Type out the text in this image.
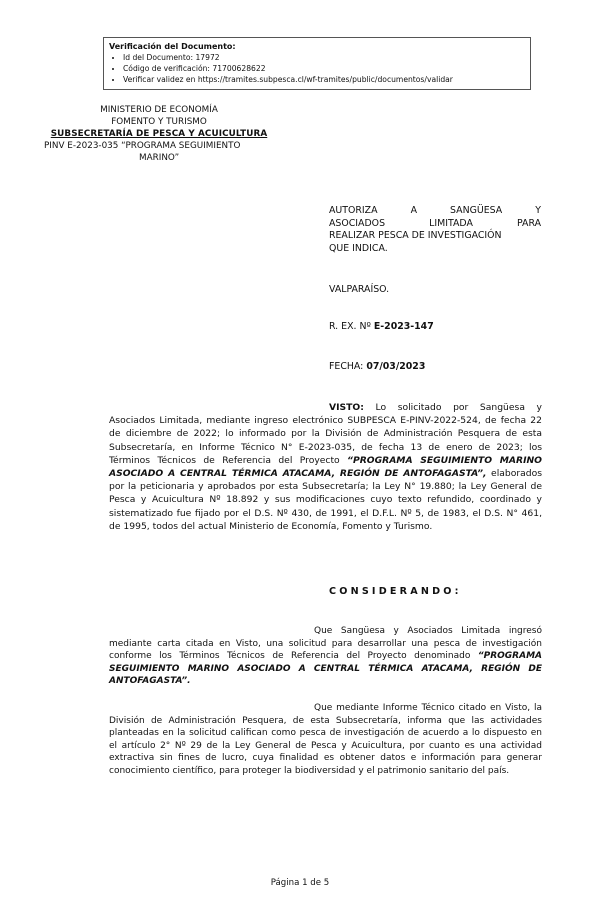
Verificación del Documento:
• Id del Documento: 17972
• Código de verificación: 71700628622
• Verificar validez en https://tramites.subpesca.cl/wf-tramites/public/documentos/validar
MINISTERIO DE ECONOMÍA
FOMENTO Y TURISMO
SUBSECRETARÍA DE PESCA Y ACUICULTURA
PINV E-2023-035 “PROGRAMA SEGUIMIENTO
MARINO”
AUTORIZA A SANGÜESA Y
ASOCIADOS LIMITADA PARA
REALIZAR PESCA DE INVESTIGACIÓN
QUE INDICA.
VALPARAÍSO.
R. EX. Nº E-2023-147
FECHA: 07/03/2023
VISTO: Lo solicitado por Sangüesa y Asociados Limitada, mediante ingreso electrónico SUBPESCA E-PINV-2022-524, de fecha 22 de diciembre de 2022; lo informado por la División de Administración Pesquera de esta Subsecretaría, en Informe Técnico N° E-2023-035, de fecha 13 de enero de 2023; los Términos Técnicos de Referencia del Proyecto “PROGRAMA SEGUIMIENTO MARINO ASOCIADO A CENTRAL TÉRMICA ATACAMA, REGIÓN DE ANTOFAGASTA”, elaborados por la peticionaria y aprobados por esta Subsecretaría; la Ley N° 19.880; la Ley General de Pesca y Acuicultura Nº 18.892 y sus modificaciones cuyo texto refundido, coordinado y sistematizado fue fijado por el D.S. Nº 430, de 1991, el D.F.L. Nº 5, de 1983, el D.S. N° 461, de 1995, todos del actual Ministerio de Economía, Fomento y Turismo.
CONSIDERANDO:
Que Sangüesa y Asociados Limitada ingresó mediante carta citada en Visto, una solicitud para desarrollar una pesca de investigación conforme los Términos Técnicos de Referencia del Proyecto denominado “PROGRAMA SEGUIMIENTO MARINO ASOCIADO A CENTRAL TÉRMICA ATACAMA, REGIÓN DE ANTOFAGASTA”.
Que mediante Informe Técnico citado en Visto, la División de Administración Pesquera, de esta Subsecretaría, informa que las actividades planteadas en la solicitud califican como pesca de investigación de acuerdo a lo dispuesto en el artículo 2° Nº 29 de la Ley General de Pesca y Acuicultura, por cuanto es una actividad extractiva sin fines de lucro, cuya finalidad es obtener datos e información para generar conocimiento científico, para proteger la biodiversidad y el patrimonio sanitario del país.
Página 1 de 5
